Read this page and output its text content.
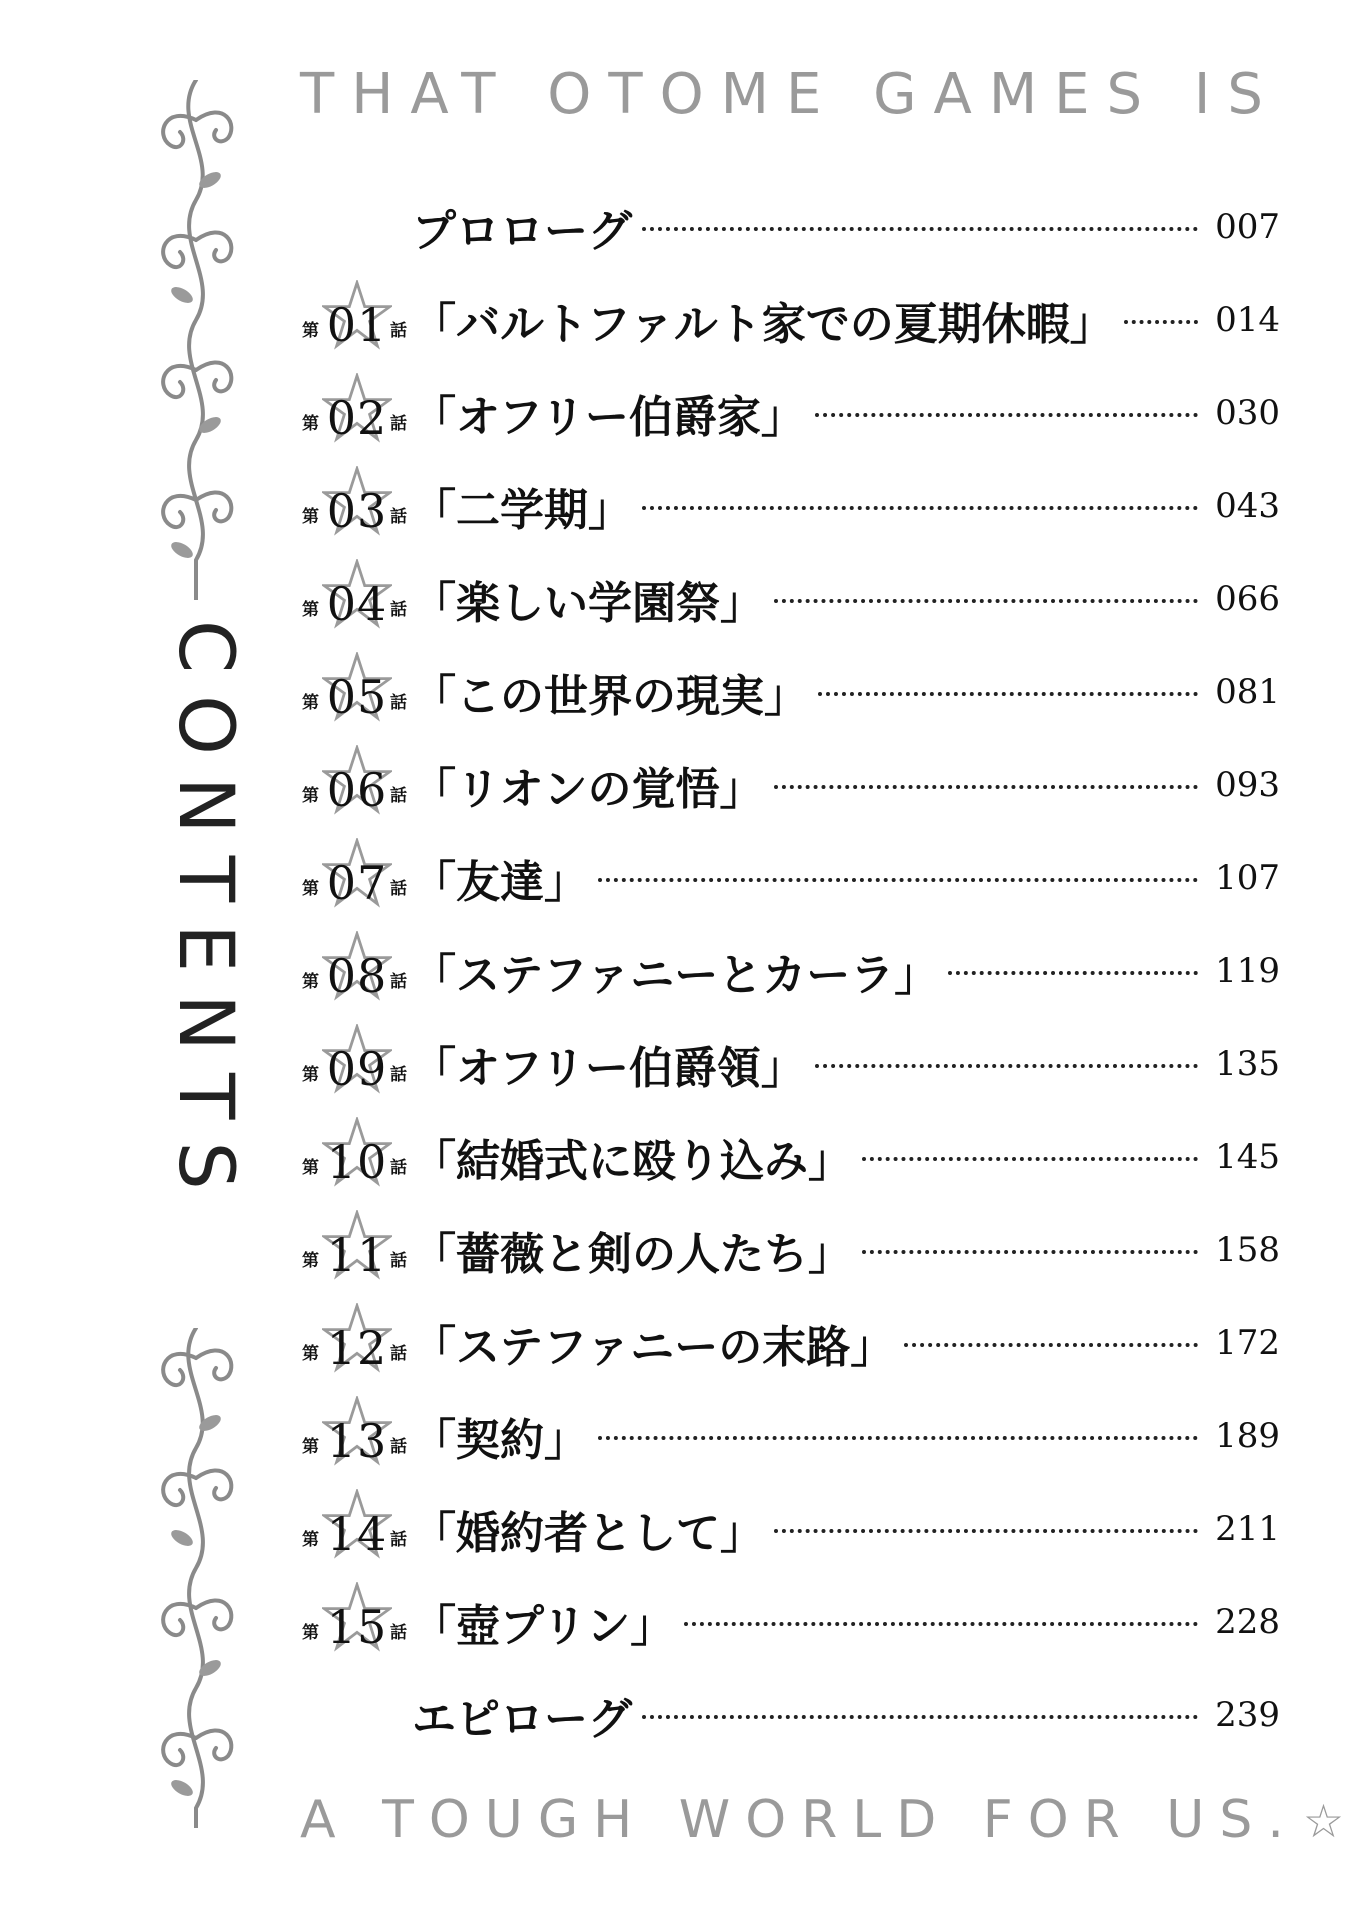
THAT OTOME GAMES IS
CONTENTS
プロローグ	007
第 01 話 「バルトファルト家での夏期休暇」	014
第 02 話 「オフリー伯爵家」	030
第 03 話 「二学期」	043
第 04 話 「楽しい学園祭」	066
第 05 話 「この世界の現実」	081
第 06 話 「リオンの覚悟」	093
第 07 話 「友達」	107
第 08 話 「ステファニーとカーラ」	119
第 09 話 「オフリー伯爵領」	135
第 10 話 「結婚式に殴り込み」	145
第 11 話 「薔薇と剣の人たち」	158
第 12 話 「ステファニーの末路」	172
第 13 話 「契約」	189
第 14 話 「婚約者として」	211
第 15 話 「壺プリン」	228
エピローグ	239
A TOUGH WORLD FOR US.☆
